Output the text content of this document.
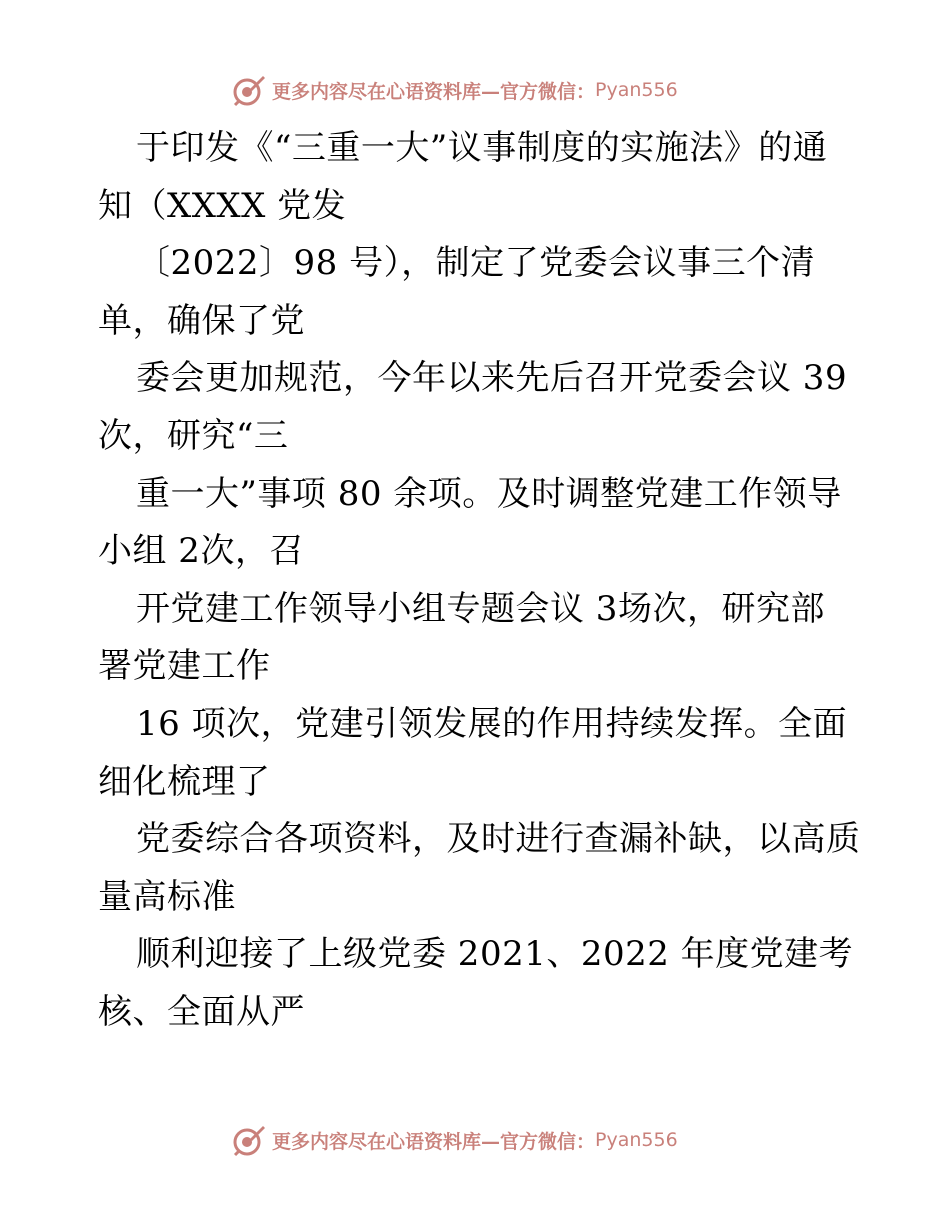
更多内容尽在心语资料库—官方微信： Pyan556
于印发《“三重一大”议事制度的实施法》的通
知（XXXX 党发
〔2022〕98 号），制定了党委会议事三个清
单，确保了党
委会更加规范，今年以来先后召开党委会议 39
次，研究“三
重一大”事项 80 余项。及时调整党建工作领导
小组 2次，召
开党建工作领导小组专题会议 3场次，研究部
署党建工作
16 项次，党建引领发展的作用持续发挥。全面
细化梳理了
党委综合各项资料，及时进行查漏补缺，以高质
量高标准
顺利迎接了上级党委 2021、2022 年度党建考
核、全面从严
更多内容尽在心语资料库—官方微信： Pyan556
